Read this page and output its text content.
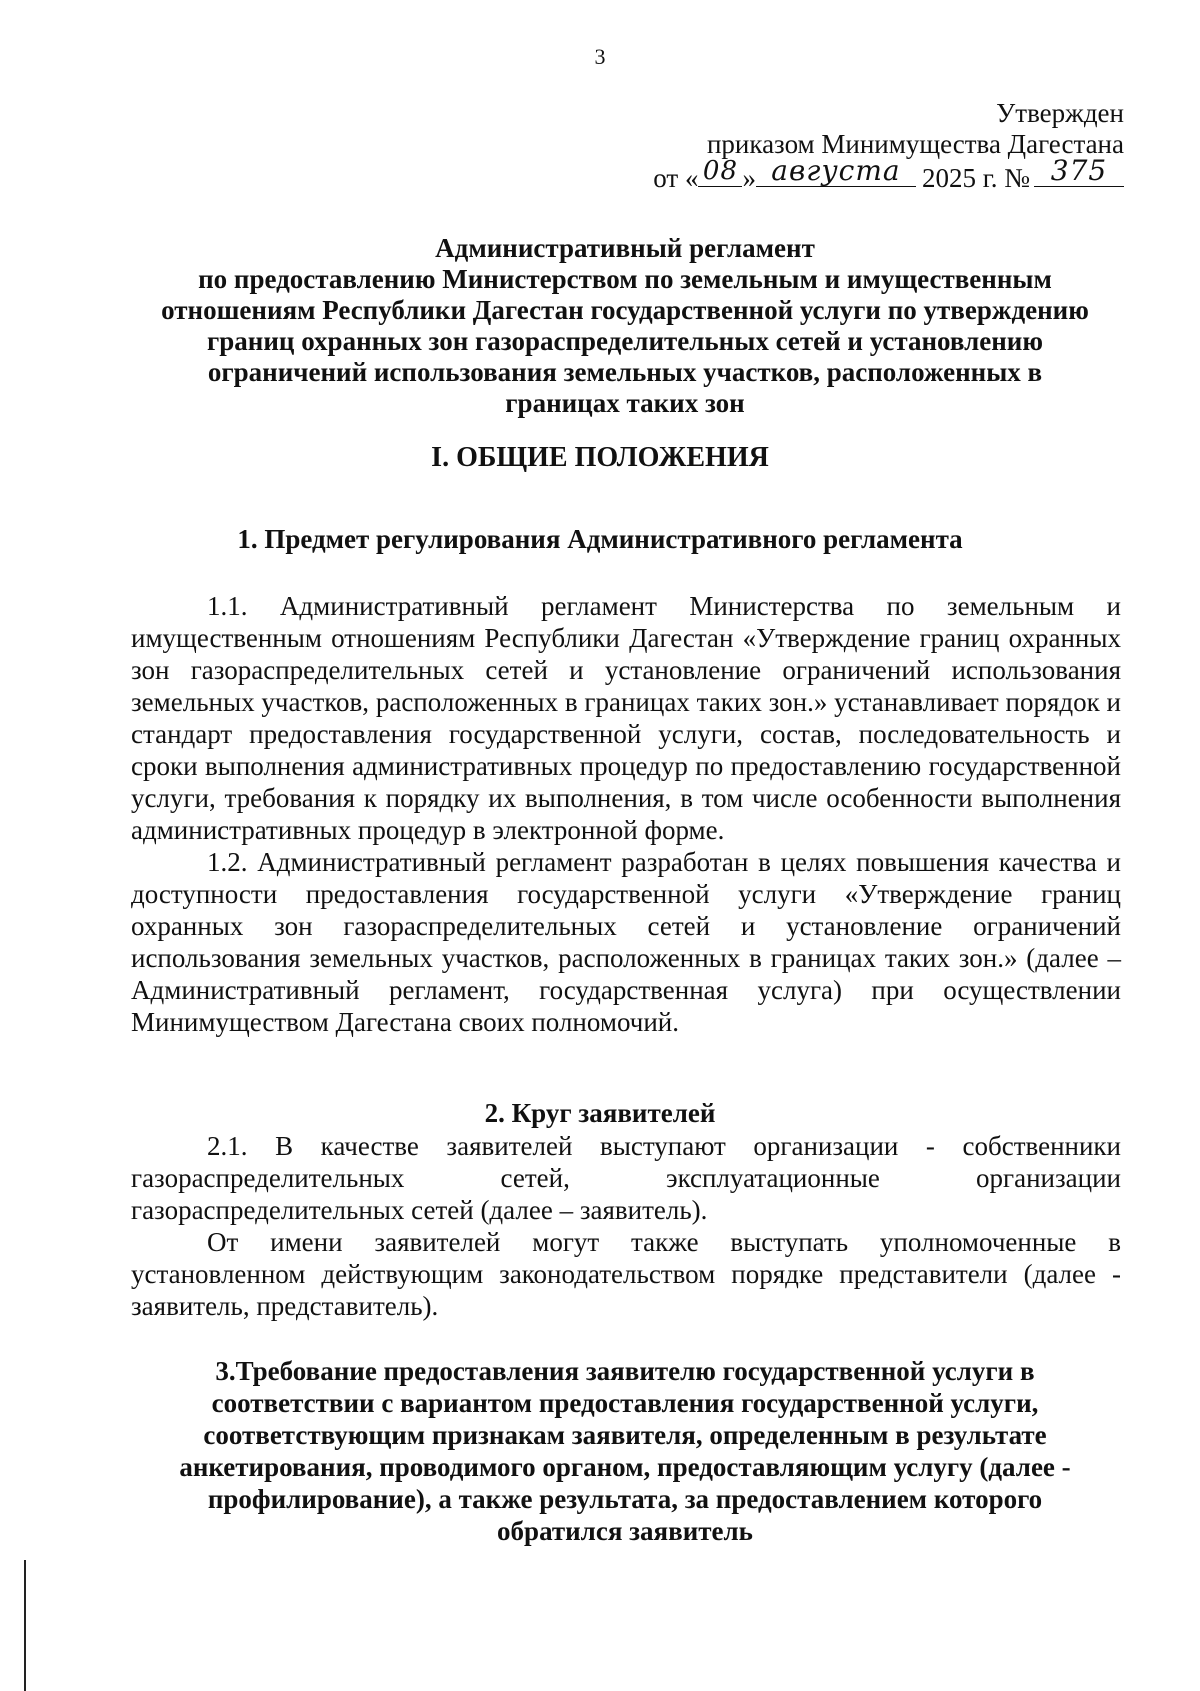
3
Утвержден
приказом Минимущества Дагестана
от « 08 » августа 2025 г. № 375
Административный регламент
по предоставлению Министерством по земельным и имущественным
отношениям Республики Дагестан государственной услуги по утверждению
границ охранных зон газораспределительных сетей и установлению
ограничений использования земельных участков, расположенных в
границах таких зон
I. ОБЩИЕ ПОЛОЖЕНИЯ
1. Предмет регулирования Административного регламента

1.1. Административный регламент Министерства по земельным и имущественным отношениям Республики Дагестан «Утверждение границ охранных зон газораспределительных сетей и установление ограничений использования земельных участков, расположенных в границах таких зон.» устанавливает порядок и стандарт предоставления государственной услуги, состав, последовательность и сроки выполнения административных процедур по предоставлению государственной услуги, требования к порядку их выполнения, в том числе особенности выполнения административных процедур в электронной форме.

1.2. Административный регламент разработан в целях повышения качества и доступности предоставления государственной услуги «Утверждение границ охранных зон газораспределительных сетей и установление ограничений использования земельных участков, расположенных в границах таких зон.» (далее – Административный регламент, государственная услуга) при осуществлении Минимуществом Дагестана своих полномочий.

2. Круг заявителей

2.1. В качестве заявителей выступают организации - собственники газораспределительных сетей, эксплуатационные организации газораспределительных сетей (далее – заявитель).

От имени заявителей могут также выступать уполномоченные в установленном действующим законодательством порядке представители (далее - заявитель, представитель).

3.Требование предоставления заявителю государственной услуги в
соответствии с вариантом предоставления государственной услуги,
соответствующим признакам заявителя, определенным в результате
анкетирования, проводимого органом, предоставляющим услугу (далее -
профилирование), а также результата, за предоставлением которого
обратился заявитель
